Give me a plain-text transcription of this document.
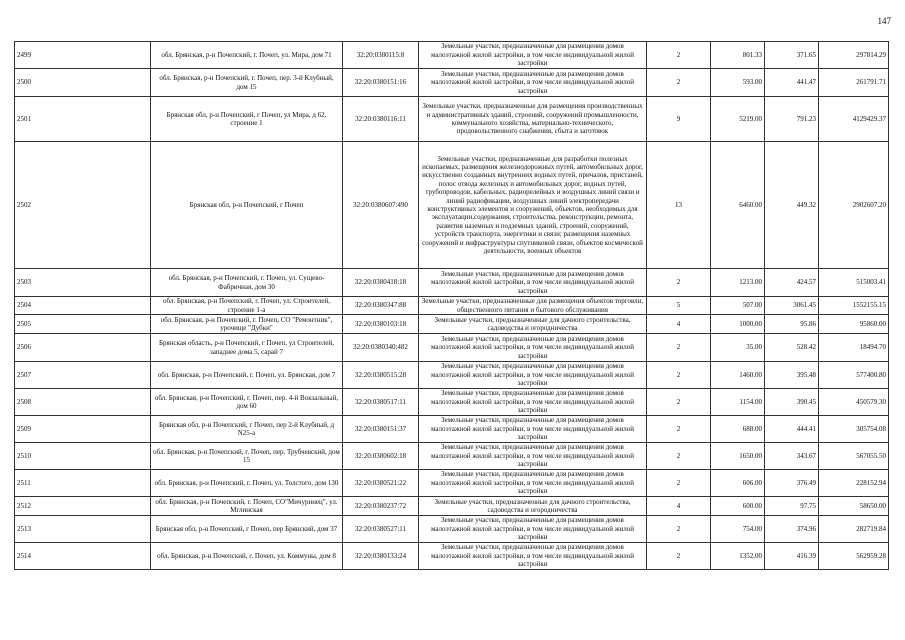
147
2499	обл. Брянская, р-н Почепский, г. Почеп, ул. Мира, дом 71	32:20:0380115:8	Земельные участки, предназначенные для размещения домов малоэтажной жилой застройки, в том числе индивидуальной жилой застройки	2	801.33	371.65	297814.29
2500	обл. Брянская, р-н Почепский, г. Почеп, пер. 3-й Клубный, дом 15	32:20:0380151:16	Земельные участки, предназначенные для размещения домов малоэтажной жилой застройки, в том числе индивидуальной жилой застройки	2	593.00	441.47	261791.71
2501	Брянская обл, р-н Почепский, г Почеп, ул Мира, д 62, строение 1	32:20:0380116:11	Земельные участки, предназначенные для размещения производственных и административных зданий, строений, сооружений промышленности, коммунального хозяйства, материально-технического, продовольственного снабжения, сбыта и заготовок	9	5219.00	791.23	4129429.37
2502	Брянская обл, р-н Почепский, г Почеп	32:20:0380607:490	Земельные участки, предназначенные для разработки полезных ископаемых, размещения железнодорожных путей, автомобильных дорог, искусственно созданных внутренних водных путей, причалов, пристаней, полос отвода железных и автомобильных дорог, водных путей, трубопроводов, кабельных, радиорелейных и воздушных линий связи и линий радиофикации, воздушных линий электропередачи конструктивных элементов и сооружений, объектов, необходимых для эксплуатации,содержания, строительства, реконструкции, ремонта, развития наземных и подземных зданий, строений, сооружений, устройств транспорта, энергетики и связи; размещения наземных сооружений и инфраструктуры спутниковой связи, объектов космической деятельности, военных объектов	13	6460.00	449.32	2902607.20
2503	обл. Брянская, р-н Почепский, г. Почеп, ул. Сущево-Фабричная, дом 30	32:20:0380418:18	Земельные участки, предназначенные для размещения домов малоэтажной жилой застройки, в том числе индивидуальной жилой застройки	2	1213.00	424.57	515003.41
2504	обл. Брянская, р-н Почепский, г. Почеп, ул. Строителей, строение 1-а	32:20:0380347:88	Земельные участки, предназначенные для размещения объектов торговли, общественного питания и бытового обслуживания	5	507.00	3061.45	1552155.15
2505	обл. Брянская, р-н Почепский, г. Почеп, СО "Ремонтник", урочище "Дубки"	32:20:0380103:18	Земельные участки, предназначенные для дачного строительства, садоводства и огородничества	4	1000.00	95.86	95860.00
2506	Брянская область, р-н Почепский, г Почеп, ул Строителей, западнее дома 5, сарай 7	32:20:0380340:482	Земельные участки, предназначенные для размещения домов малоэтажной жилой застройки, в том числе индивидуальной жилой застройки	2	35.00	528.42	18494.70
2507	обл. Брянская, р-н Почепский, г. Почеп, ул. Брянская, дом 7	32:20:0380515:28	Земельные участки, предназначенные для размещения домов малоэтажной жилой застройки, в том числе индивидуальной жилой застройки	2	1460.00	395.48	577400.80
2508	обл. Брянская, р-н Почепский, г. Почеп, пер. 4-й Вокзальный, дом 60	32:20:0380517:11	Земельные участки, предназначенные для размещения домов малоэтажной жилой застройки, в том числе индивидуальной жилой застройки	2	1154.00	390.45	450579.30
2509	Брянская обл, р-н Почепский, г Почеп, пер 2-й Клубный, д N25-а	32:20:0380151:37	Земельные участки, предназначенные для размещения домов малоэтажной жилой застройки, в том числе индивидуальной жилой застройки	2	688.00	444.41	305754.08
2510	обл. Брянская, р-н Почепский, г. Почеп, пер. Трубчевский, дом 15	32:20:0380602:18	Земельные участки, предназначенные для размещения домов малоэтажной жилой застройки, в том числе индивидуальной жилой застройки	2	1650.00	343.67	567055.50
2511	обл. Брянская, р-н Почепский, г. Почеп, ул. Толстого, дом 130	32:20:0380521:22	Земельные участки, предназначенные для размещения домов малоэтажной жилой застройки, в том числе индивидуальной жилой застройки	2	606.00	376.49	228152.94
2512	обл. Брянская, р-н Почепский, г. Почеп, СО"Мичуринец", ул. Мглинская	32:20:0380237:72	Земельные участки, предназначенные для дачного строительства, садоводства и огородничества	4	600.00	97.75	58650.00
2513	Брянская обл, р-н Почепский, г Почеп, пер Брянский, дом 37	32:20:0380527:11	Земельные участки, предназначенные для размещения домов малоэтажной жилой застройки, в том числе индивидуальной жилой застройки	2	754.00	374.96	282719.84
2514	обл. Брянская, р-н Почепский, г. Почеп, ул. Коммуны, дом 8	32:20:0380133:24	Земельные участки, предназначенные для размещения домов малоэтажной жилой застройки, в том числе индивидуальной жилой застройки	2	1352.00	416.39	562959.28
